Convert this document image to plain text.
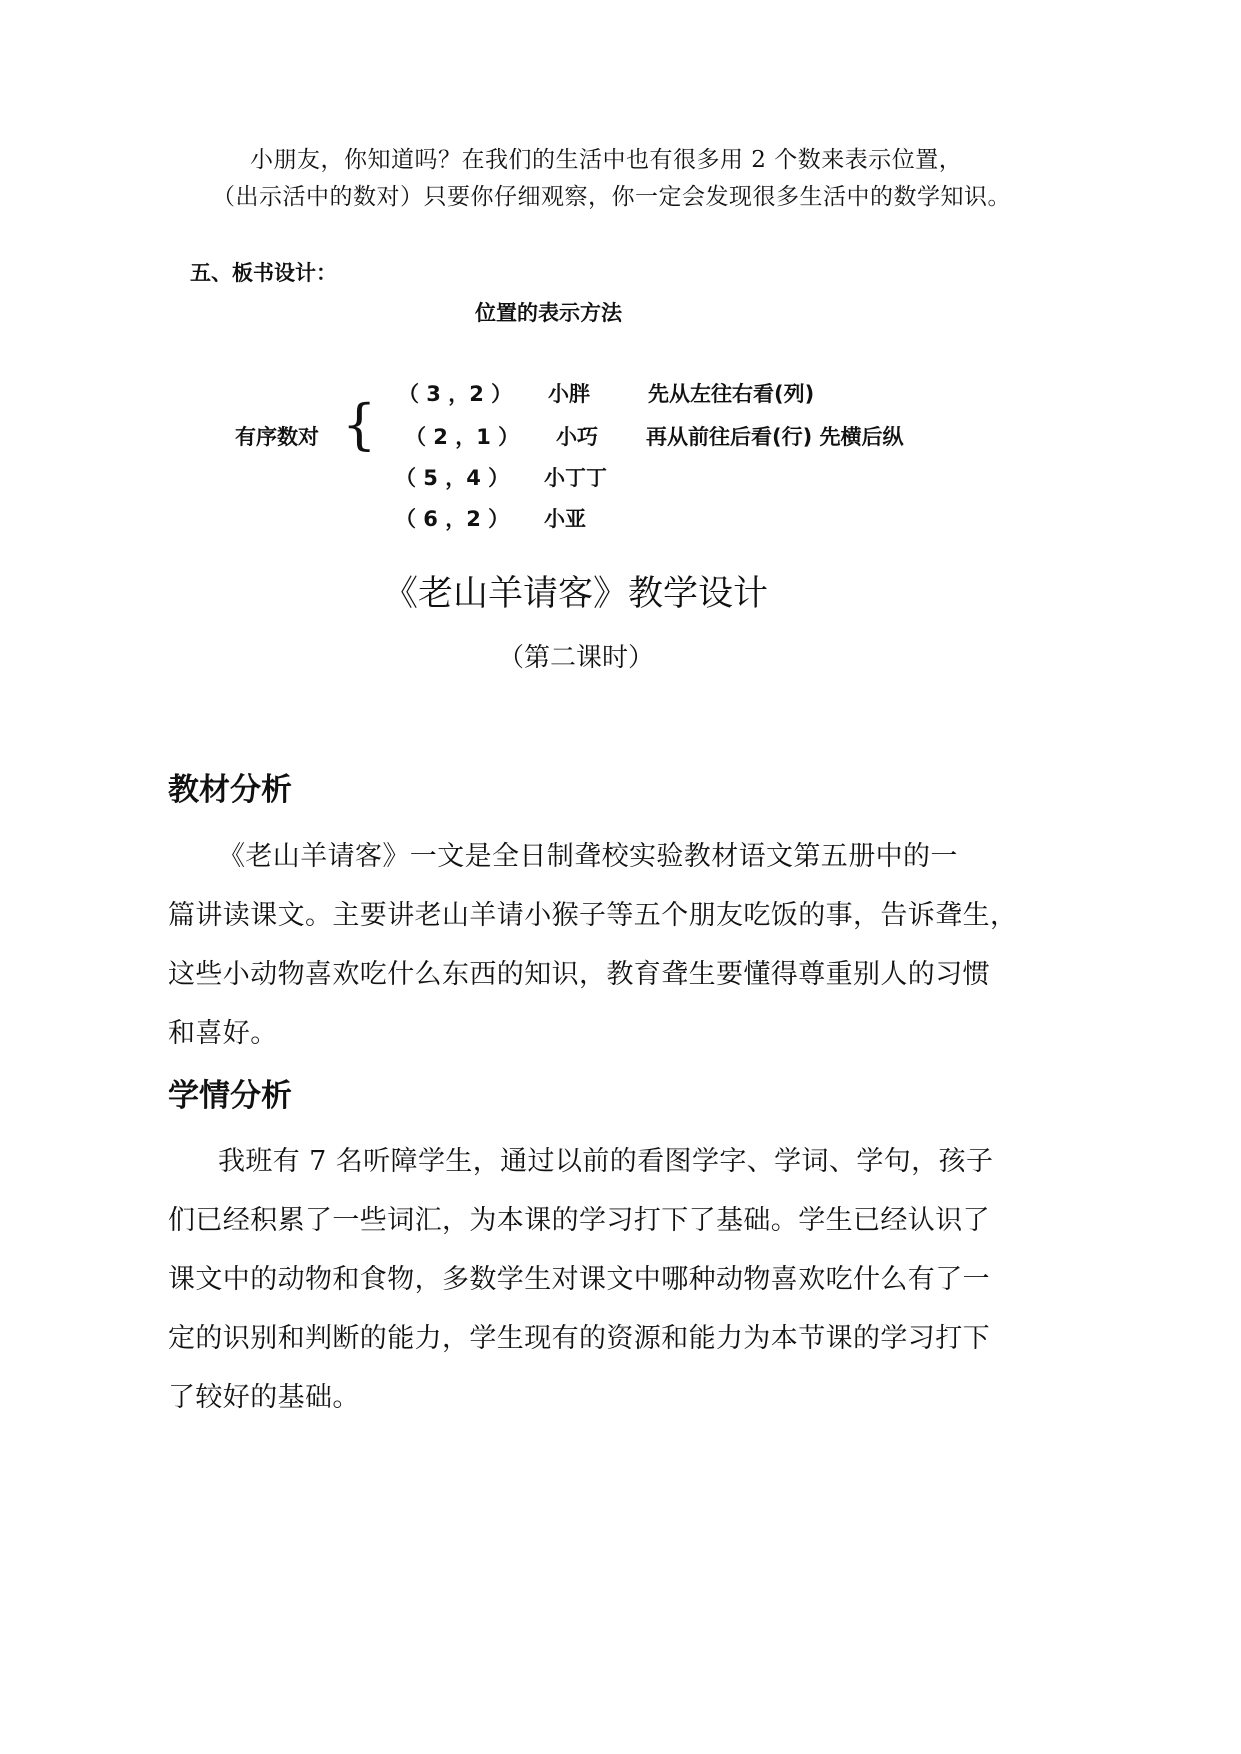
小朋友，你知道吗？在我们的生活中也有很多用 2 个数来表示位置，
（出示活中的数对）只要你仔细观察，你一定会发现很多生活中的数学知识。
五、板书设计：
位置的表示方法
有序数对 { （ 3 ，2 ） 小胖	先从左往右看(列)
（ 2 ，1 ） 小巧 再从前往后看(行) 先横后纵
（ 5 ，4 ） 小丁丁
（ 6 ，2 ） 小亚
《老山羊请客》教学设计
（第二课时）
教材分析
《老山羊请客》一文是全日制聋校实验教材语文第五册中的一
篇讲读课文。主要讲老山羊请小猴子等五个朋友吃饭的事，告诉聋生，
这些小动物喜欢吃什么东西的知识，教育聋生要懂得尊重别人的习惯
和喜好。
学情分析
我班有 7 名听障学生，通过以前的看图学字、学词、学句，孩子
们已经积累了一些词汇，为本课的学习打下了基础。学生已经认识了
课文中的动物和食物，多数学生对课文中哪种动物喜欢吃什么有了一
定的识别和判断的能力，学生现有的资源和能力为本节课的学习打下
了较好的基础。
